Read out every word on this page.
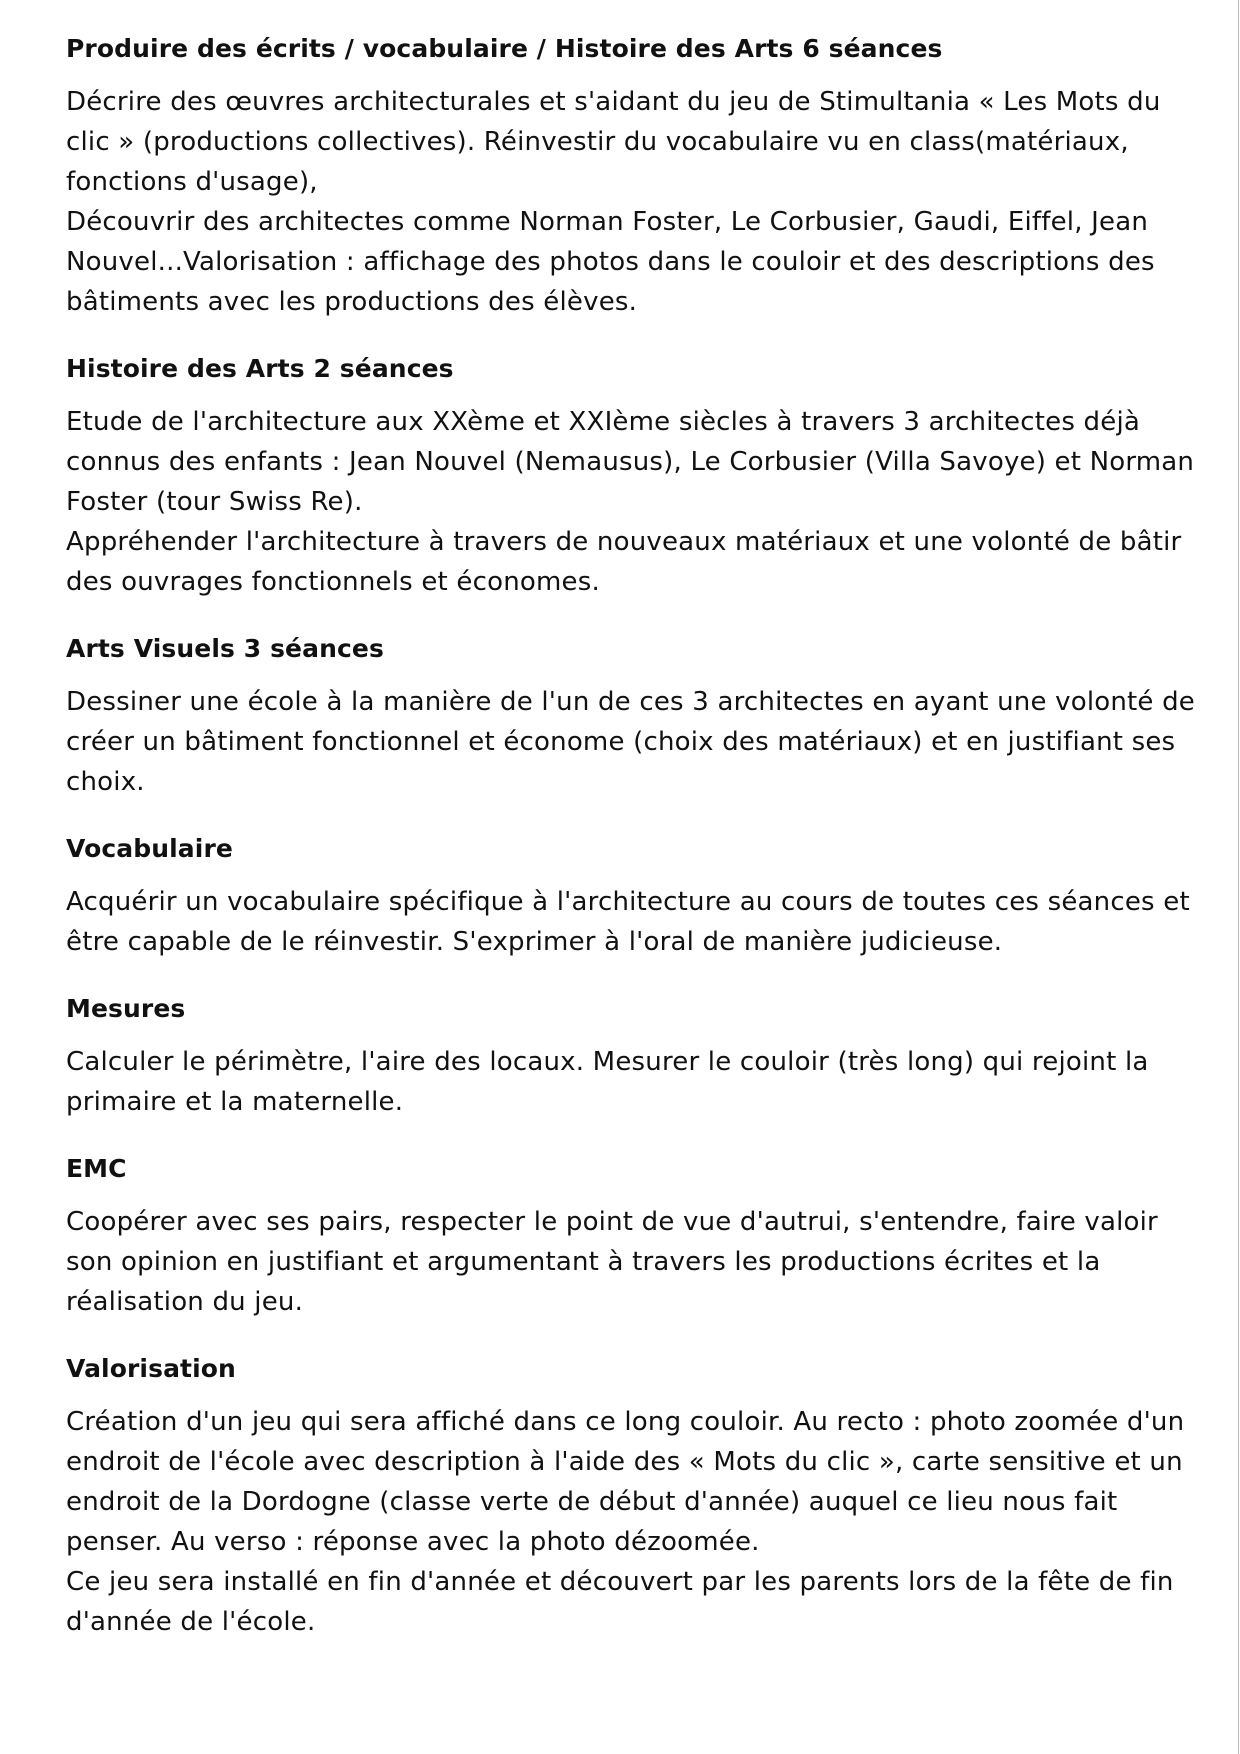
Produire des écrits / vocabulaire / Histoire des Arts 6 séances

Décrire des œuvres architecturales et s'aidant du jeu de Stimultania « Les Mots du clic » (productions collectives). Réinvestir du vocabulaire vu en class(matériaux, fonctions d'usage),

Découvrir des architectes comme Norman Foster, Le Corbusier, Gaudi, Eiffel, Jean Nouvel...Valorisation : affichage des photos dans le couloir et des descriptions des bâtiments avec les productions des élèves.

Histoire des Arts 2 séances

Etude de l'architecture aux XXème et XXIème siècles à travers 3 architectes déjà connus des enfants : Jean Nouvel (Nemausus), Le Corbusier (Villa Savoye) et Norman Foster (tour Swiss Re).

Appréhender l'architecture à travers de nouveaux matériaux et une volonté de bâtir des ouvrages fonctionnels et économes.

Arts Visuels 3 séances

Dessiner une école à la manière de l'un de ces 3 architectes en ayant une volonté de créer un bâtiment fonctionnel et économe (choix des matériaux) et en justifiant ses choix.

Vocabulaire

Acquérir un vocabulaire spécifique à l'architecture au cours de toutes ces séances et être capable de le réinvestir. S'exprimer à l'oral de manière judicieuse.

Mesures

Calculer le périmètre, l'aire des locaux. Mesurer le couloir (très long) qui rejoint la primaire et la maternelle.

EMC

Coopérer avec ses pairs, respecter le point de vue d'autrui, s'entendre, faire valoir son opinion en justifiant et argumentant à travers les productions écrites et la réalisation du jeu.

Valorisation

Création d'un jeu qui sera affiché dans ce long couloir. Au recto : photo zoomée d'un endroit de l'école avec description à l'aide des « Mots du clic », carte sensitive et un endroit de la Dordogne (classe verte de début d'année) auquel ce lieu nous fait penser. Au verso : réponse avec la photo dézoomée.

Ce jeu sera installé en fin d'année et découvert par les parents lors de la fête de fin d'année de l'école.
